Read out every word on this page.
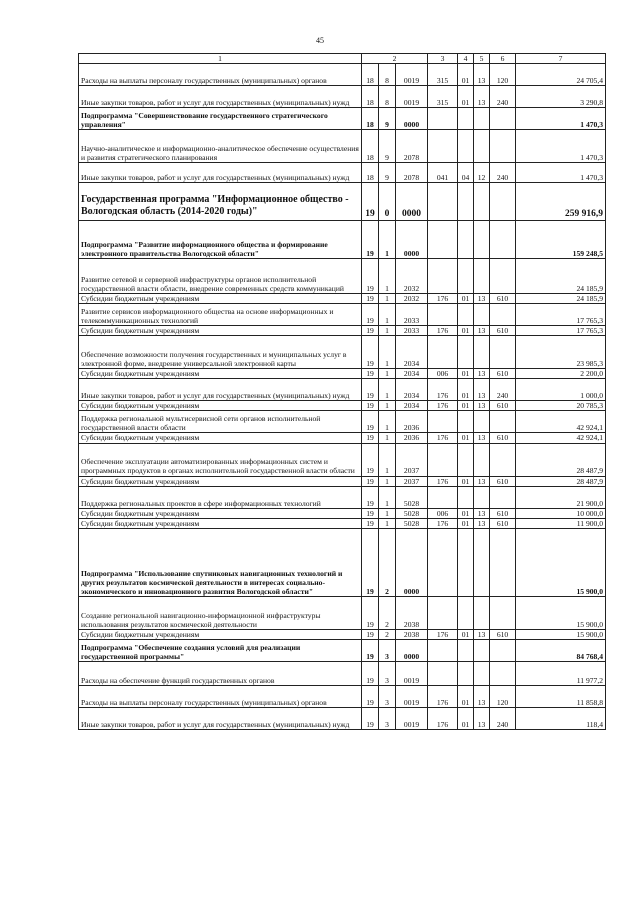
45
1	2			3	4	5	6	7
Расходы на выплаты персоналу государственных (муниципальных) органов	18	8	0019	315	01	13	120	24 705,4
Иные закупки товаров, работ и услуг для государственных (муниципальных) нужд	18	8	0019	315	01	13	240	3 290,8
Подпрограмма "Совершенствование государственного стратегического управления"	18	9	0000					1 470,3
Научно-аналитическое и информационно-аналитическое обеспечение осуществления и развития стратегического планирования	18	9	2078					1 470,3
Иные закупки товаров, работ и услуг для государственных (муниципальных) нужд	18	9	2078	041	04	12	240	1 470,3
Государственная программа "Информационное общество - Вологодская область (2014-2020 годы)"	19	0	0000					259 916,9
Подпрограмма "Развитие информационного общества и формирование электронного правительства Вологодской области"	19	1	0000					159 248,5
Развитие сетевой и серверной инфраструктуры органов исполнительной государственной власти области, внедрение современных средств коммуникаций	19	1	2032					24 185,9
Субсидии бюджетным учреждениям	19	1	2032	176	01	13	610	24 185,9
Развитие сервисов информационного общества на основе информационных и телекоммуникационных технологий	19	1	2033					17 765,3
Субсидии бюджетным учреждениям	19	1	2033	176	01	13	610	17 765,3
Обеспечение возможности получения государственных и муниципальных услуг в электронной форме, внедрение универсальной электронной карты	19	1	2034					23 985,3
Субсидии бюджетным учреждениям	19	1	2034	006	01	13	610	2 200,0
Иные закупки товаров, работ и услуг для государственных (муниципальных) нужд	19	1	2034	176	01	13	240	1 000,0
Субсидии бюджетным учреждениям	19	1	2034	176	01	13	610	20 785,3
Поддержка региональной мультисервисной сети органов исполнительной государственной власти области	19	1	2036					42 924,1
Субсидии бюджетным учреждениям	19	1	2036	176	01	13	610	42 924,1
Обеспечение эксплуатации автоматизированных информационных систем и программных продуктов в органах исполнительной государственной власти области	19	1	2037					28 487,9
Субсидии бюджетным учреждениям	19	1	2037	176	01	13	610	28 487,9
Поддержка региональных проектов в сфере информационных технологий	19	1	5028					21 900,0
Субсидии бюджетным учреждениям	19	1	5028	006	01	13	610	10 000,0
Субсидии бюджетным учреждениям	19	1	5028	176	01	13	610	11 900,0
Подпрограмма "Использование спутниковых навигационных технологий и других результатов космической деятельности в интересах социально-экономического и инновационного развития Вологодской области"	19	2	0000					15 900,0
Создание региональной навигационно-информационной инфраструктуры использования результатов космической деятельности	19	2	2038					15 900,0
Субсидии бюджетным учреждениям	19	2	2038	176	01	13	610	15 900,0
Подпрограмма "Обеспечение создания условий для реализации государственной программы"	19	3	0000					84 768,4
Расходы на обеспечение функций государственных органов	19	3	0019					11 977,2
Расходы на выплаты персоналу государственных (муниципальных) органов	19	3	0019	176	01	13	120	11 858,8
Иные закупки товаров, работ и услуг для государственных (муниципальных) нужд	19	3	0019	176	01	13	240	118,4
